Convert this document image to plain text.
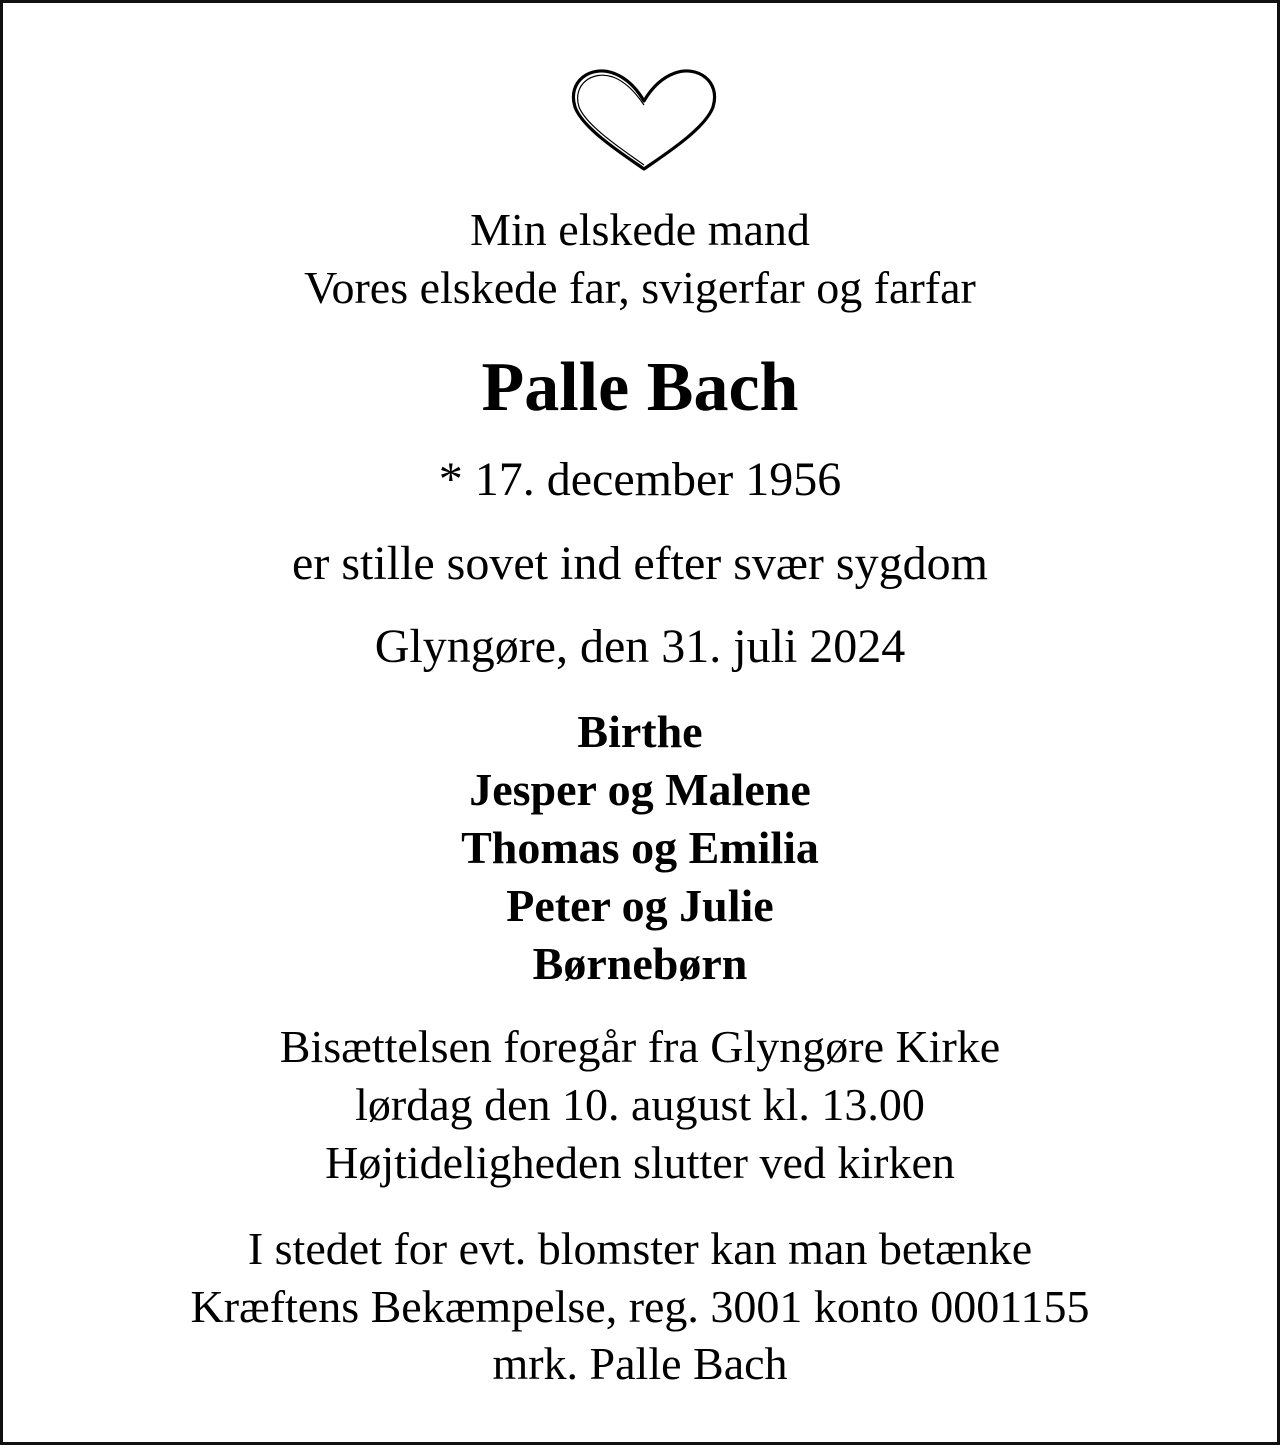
Min elskede mand
Vores elskede far, svigerfar og farfar
Palle Bach
* 17. december 1956
er stille sovet ind efter svær sygdom
Glyngøre, den 31. juli 2024
Birthe
Jesper og Malene
Thomas og Emilia
Peter og Julie
Børnebørn
Bisættelsen foregår fra Glyngøre Kirke
lørdag den 10. august kl. 13.00
Højtideligheden slutter ved kirken
I stedet for evt. blomster kan man betænke
Kræftens Bekæmpelse, reg. 3001 konto 0001155
mrk. Palle Bach
